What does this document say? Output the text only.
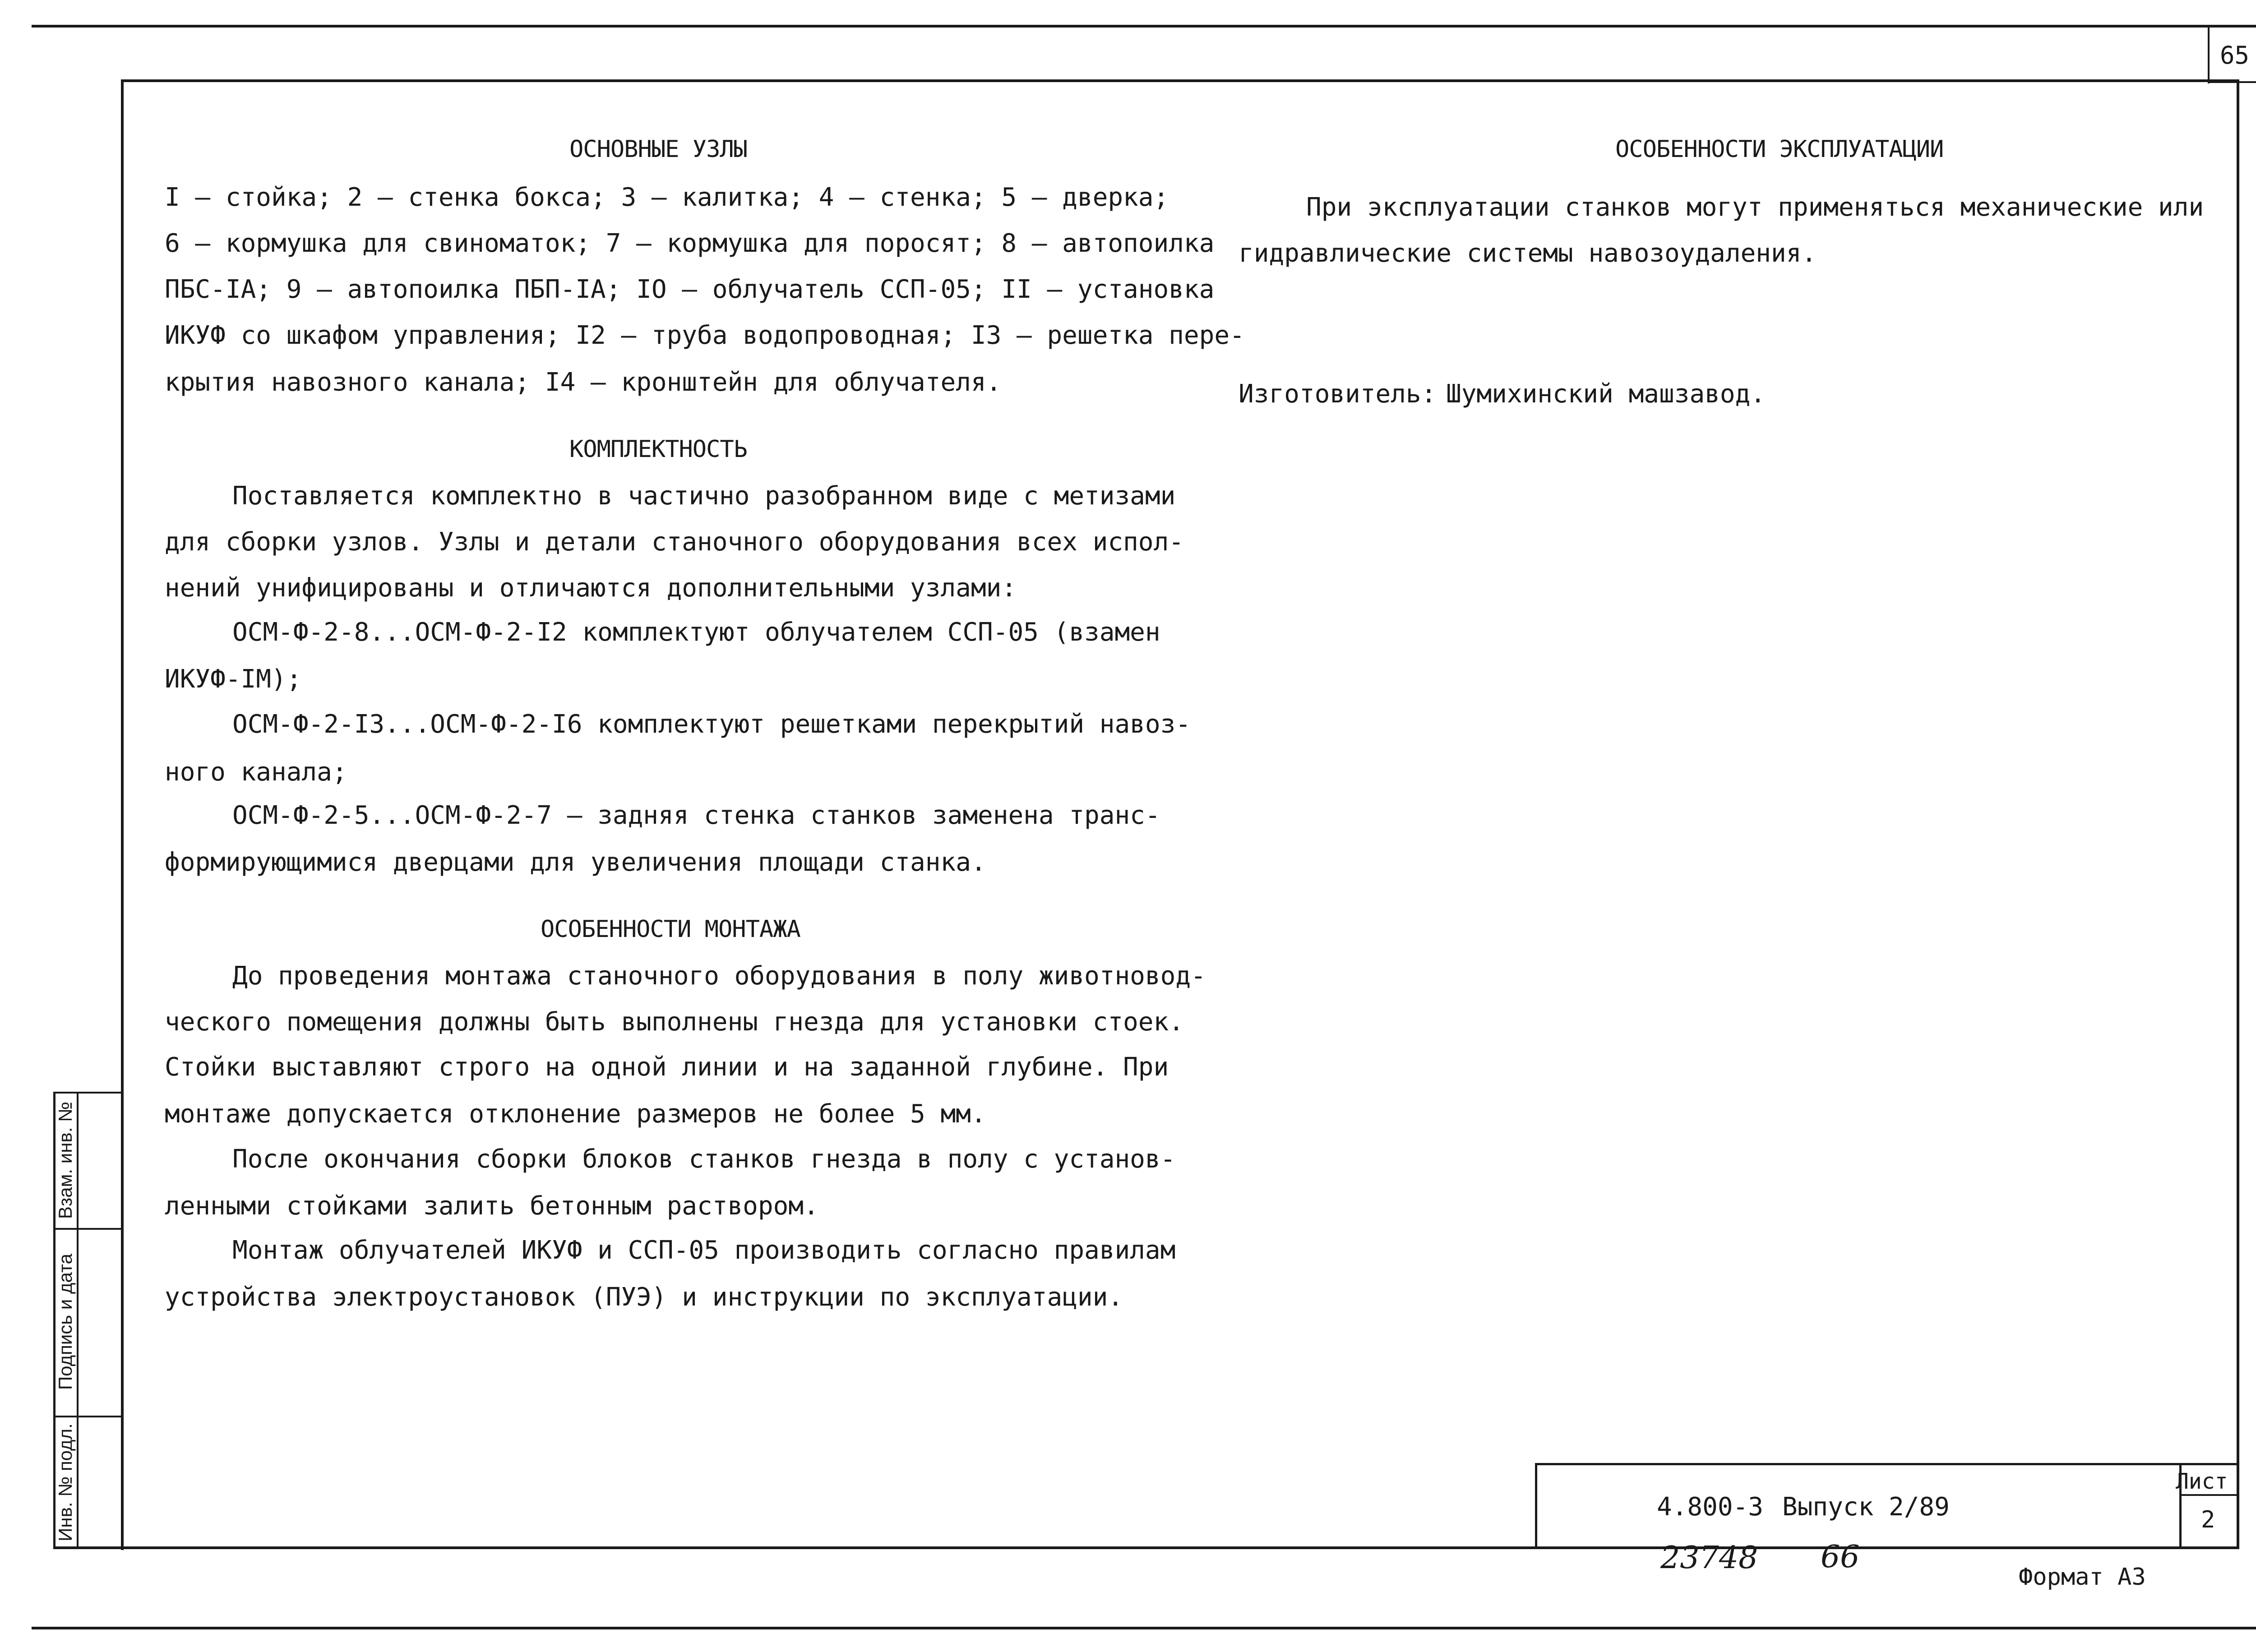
65
Взам. инв. №
Подпись и дата
Инв. № подл.
ОСНОВНЫЕ УЗЛЫ
I – стойка; 2 – стенка бокса; 3 – калитка; 4 – стенка; 5 – дверка;
6 – кормушка для свиноматок; 7 – кормушка для поросят; 8 – автопоилка
ПБС-IA; 9 – автопоилка ПБП-IA; IO – облучатель ССП-05; II – установка
ИКУФ со шкафом управления; I2 – труба водопроводная; I3 – решетка пере-
крытия навозного канала; I4 – кронштейн для облучателя.
КОМПЛЕКТНОСТЬ
Поставляется комплектно в частично разобранном виде с метизами
для сборки узлов. Узлы и детали станочного оборудования всех испол-
нений унифицированы и отличаются дополнительными узлами:
ОСМ-Ф-2-8...ОСМ-Ф-2-I2 комплектуют облучателем ССП-05 (взамен
ИКУФ-IM);
ОСМ-Ф-2-I3...ОСМ-Ф-2-I6 комплектуют решетками перекрытий навоз-
ного канала;
ОСМ-Ф-2-5...ОСМ-Ф-2-7 – задняя стенка станков заменена транс-
формирующимися дверцами для увеличения площади станка.
ОСОБЕННОСТИ МОНТАЖА
До проведения монтажа станочного оборудования в полу животновод-
ческого помещения должны быть выполнены гнезда для установки стоек.
Стойки выставляют строго на одной линии и на заданной глубине. При
монтаже допускается отклонение размеров не более 5 мм.
После окончания сборки блоков станков гнезда в полу с установ-
ленными стойками залить бетонным раствором.
Монтаж облучателей ИКУФ и ССП-05 производить согласно правилам
устройства электроустановок (ПУЭ) и инструкции по эксплуатации.
ОСОБЕННОСТИ ЭКСПЛУАТАЦИИ
При эксплуатации станков могут применяться механические или
гидравлические системы навозоудаления.
Изготовитель: Шумихинский машзавод.
4.800-3 Выпуск 2/89
Лист
2
23748 66
Формат А3
